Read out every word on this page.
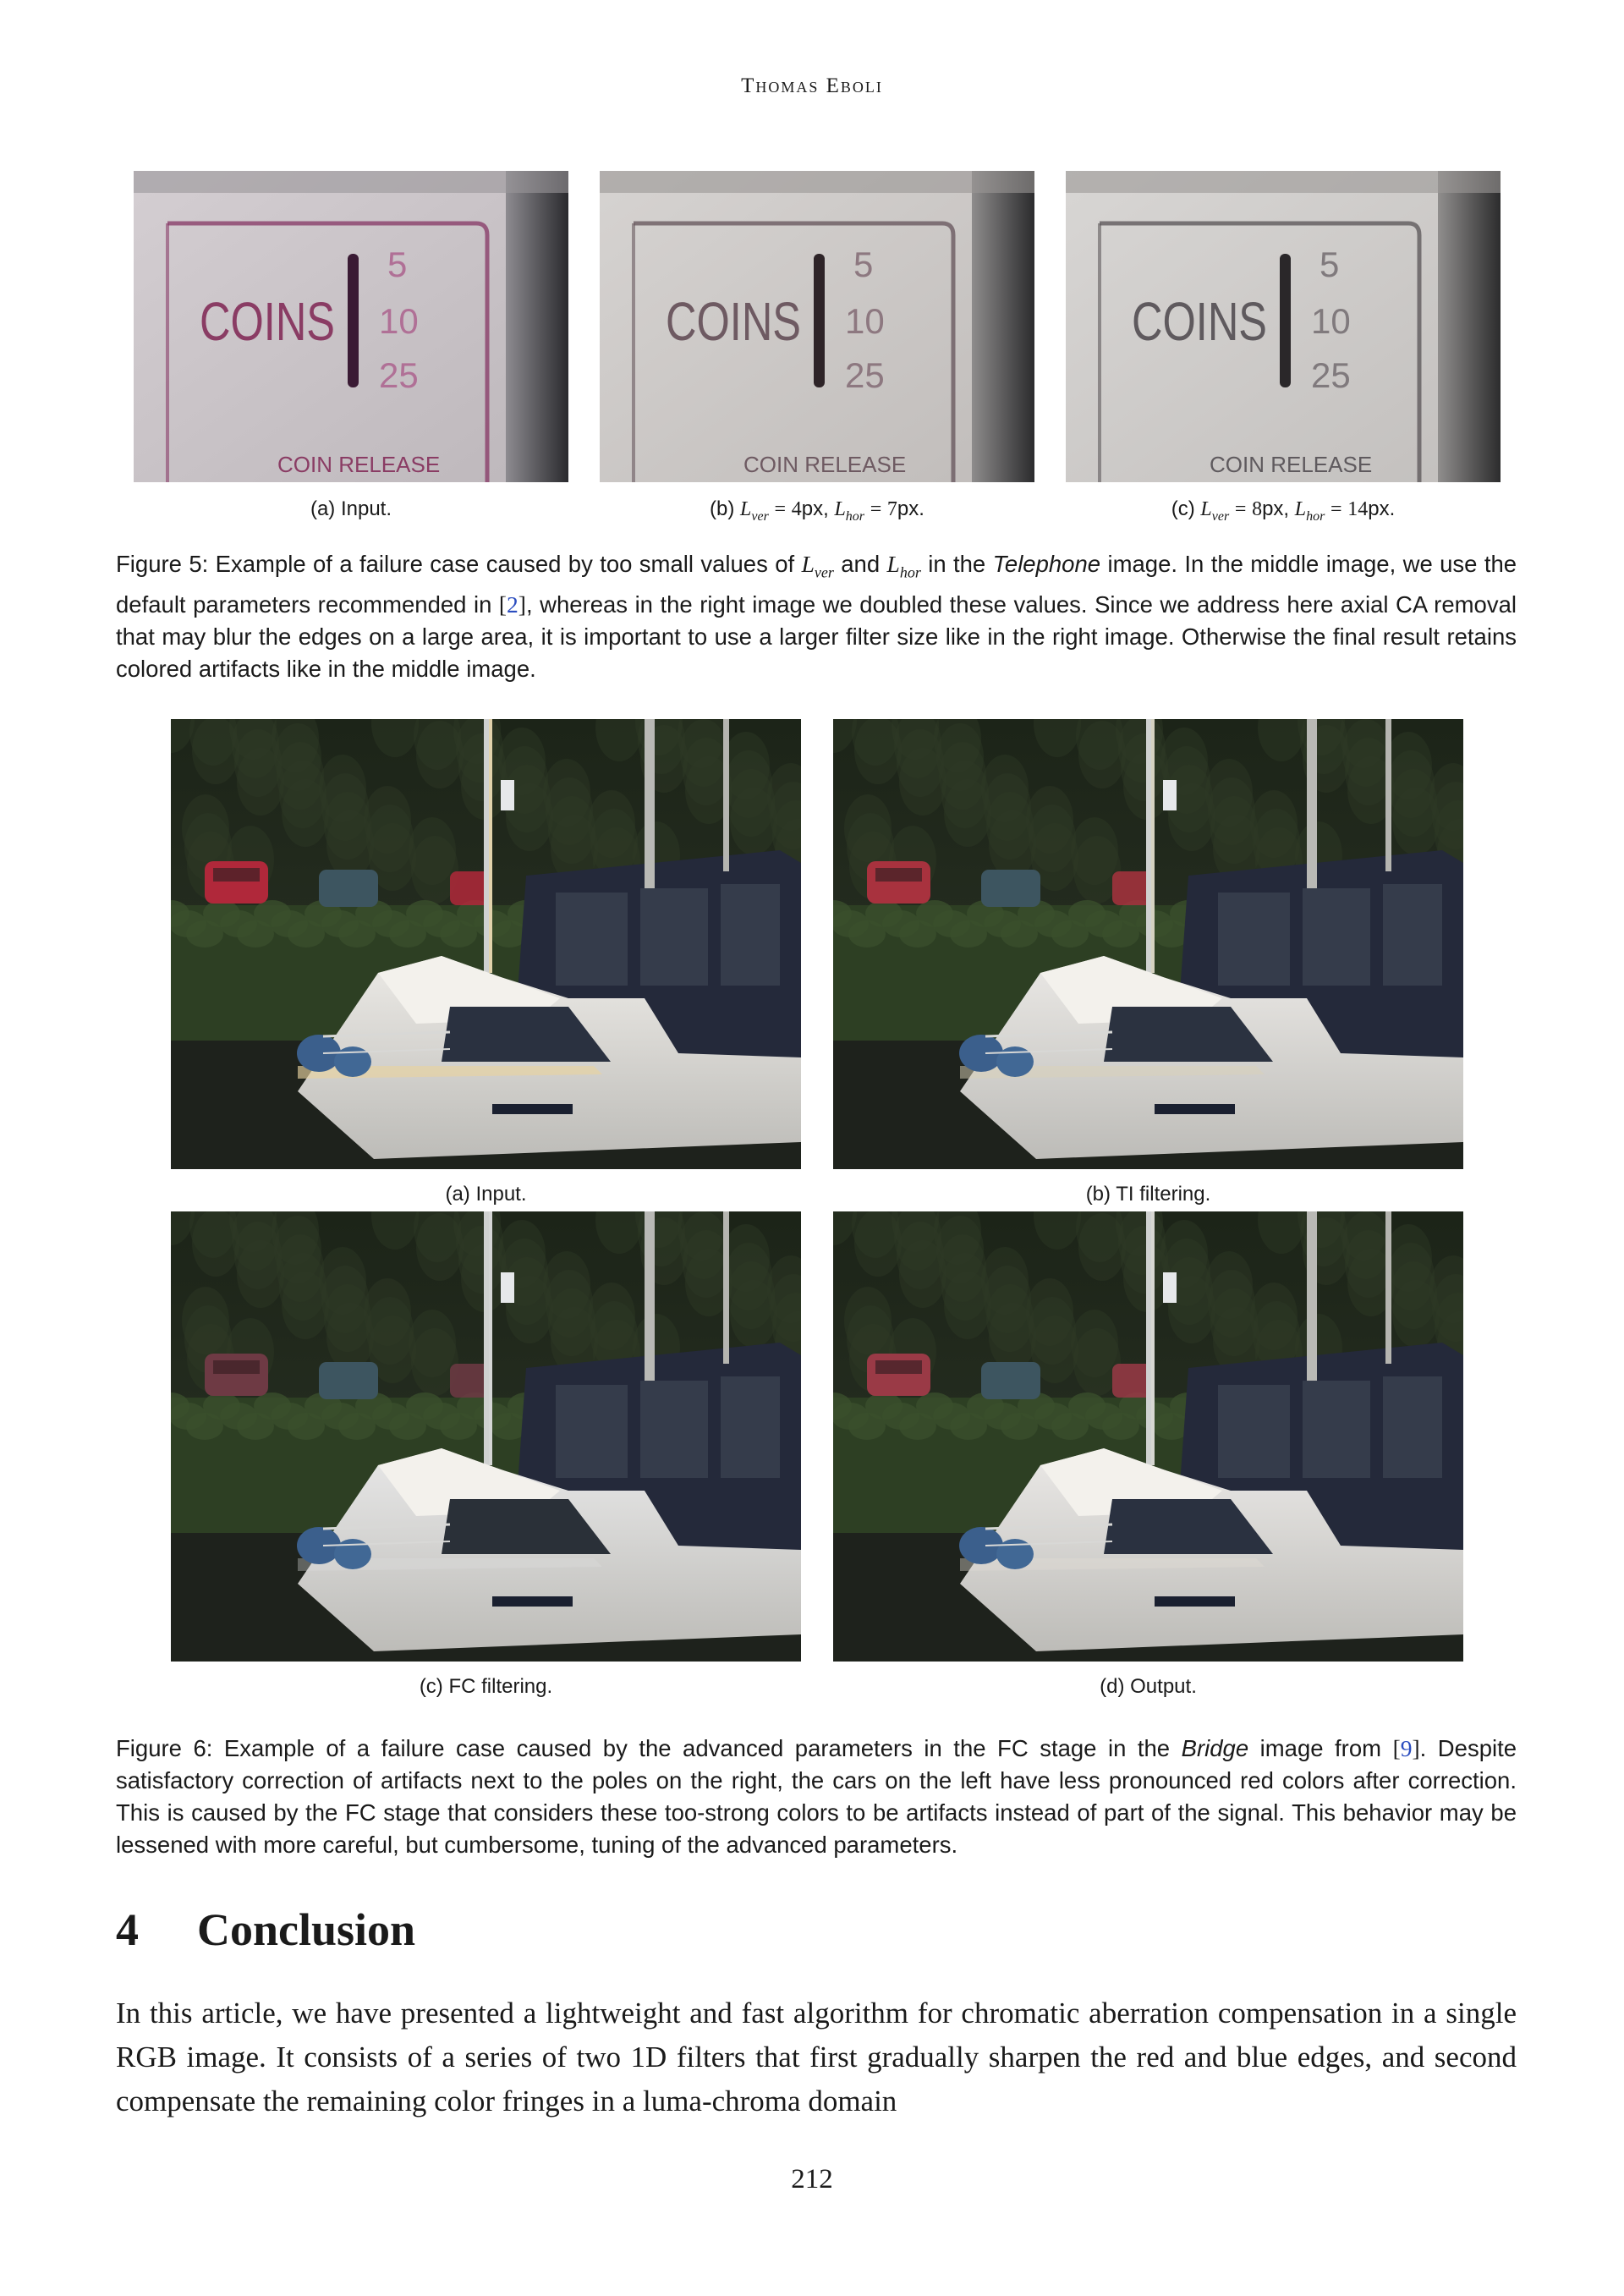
Thomas Eboli
COINS
5
10
25
COIN RELEASE
COINS
5
10
25
COIN RELEASE
COINS
5
10
25
COIN RELEASE
(a) Input.	(b) $L_{ver} = 4px$, $L_{hor} = 7px$.	(c) $L_{ver} = 8px$, $L_{hor} = 14px$.
Figure 5: Example of a failure case caused by too small values of $L_{ver}$ and $L_{hor}$ in the Telephone image. In the middle image, we use the default parameters recommended in [2], whereas in the right image we doubled these values. Since we address here axial CA removal that may blur the edges on a large area, it is important to use a larger filter size like in the right image. Otherwise the final result retains colored artifacts like in the middle image.
(a) Input.	(b) TI filtering.
(c) FC filtering.	(d) Output.
Figure 6: Example of a failure case caused by the advanced parameters in the FC stage in the Bridge image from [9]. Despite satisfactory correction of artifacts next to the poles on the right, the cars on the left have less pronounced red colors after correction. This is caused by the FC stage that considers these too-strong colors to be artifacts instead of part of the signal. This behavior may be lessened with more careful, but cumbersome, tuning of the advanced parameters.
4 Conclusion
In this article, we have presented a lightweight and fast algorithm for chromatic aberration compensation in a single RGB image. It consists of a series of two 1D filters that first gradually sharpen the red and blue edges, and second compensate the remaining color fringes in a luma-chroma domain
212
